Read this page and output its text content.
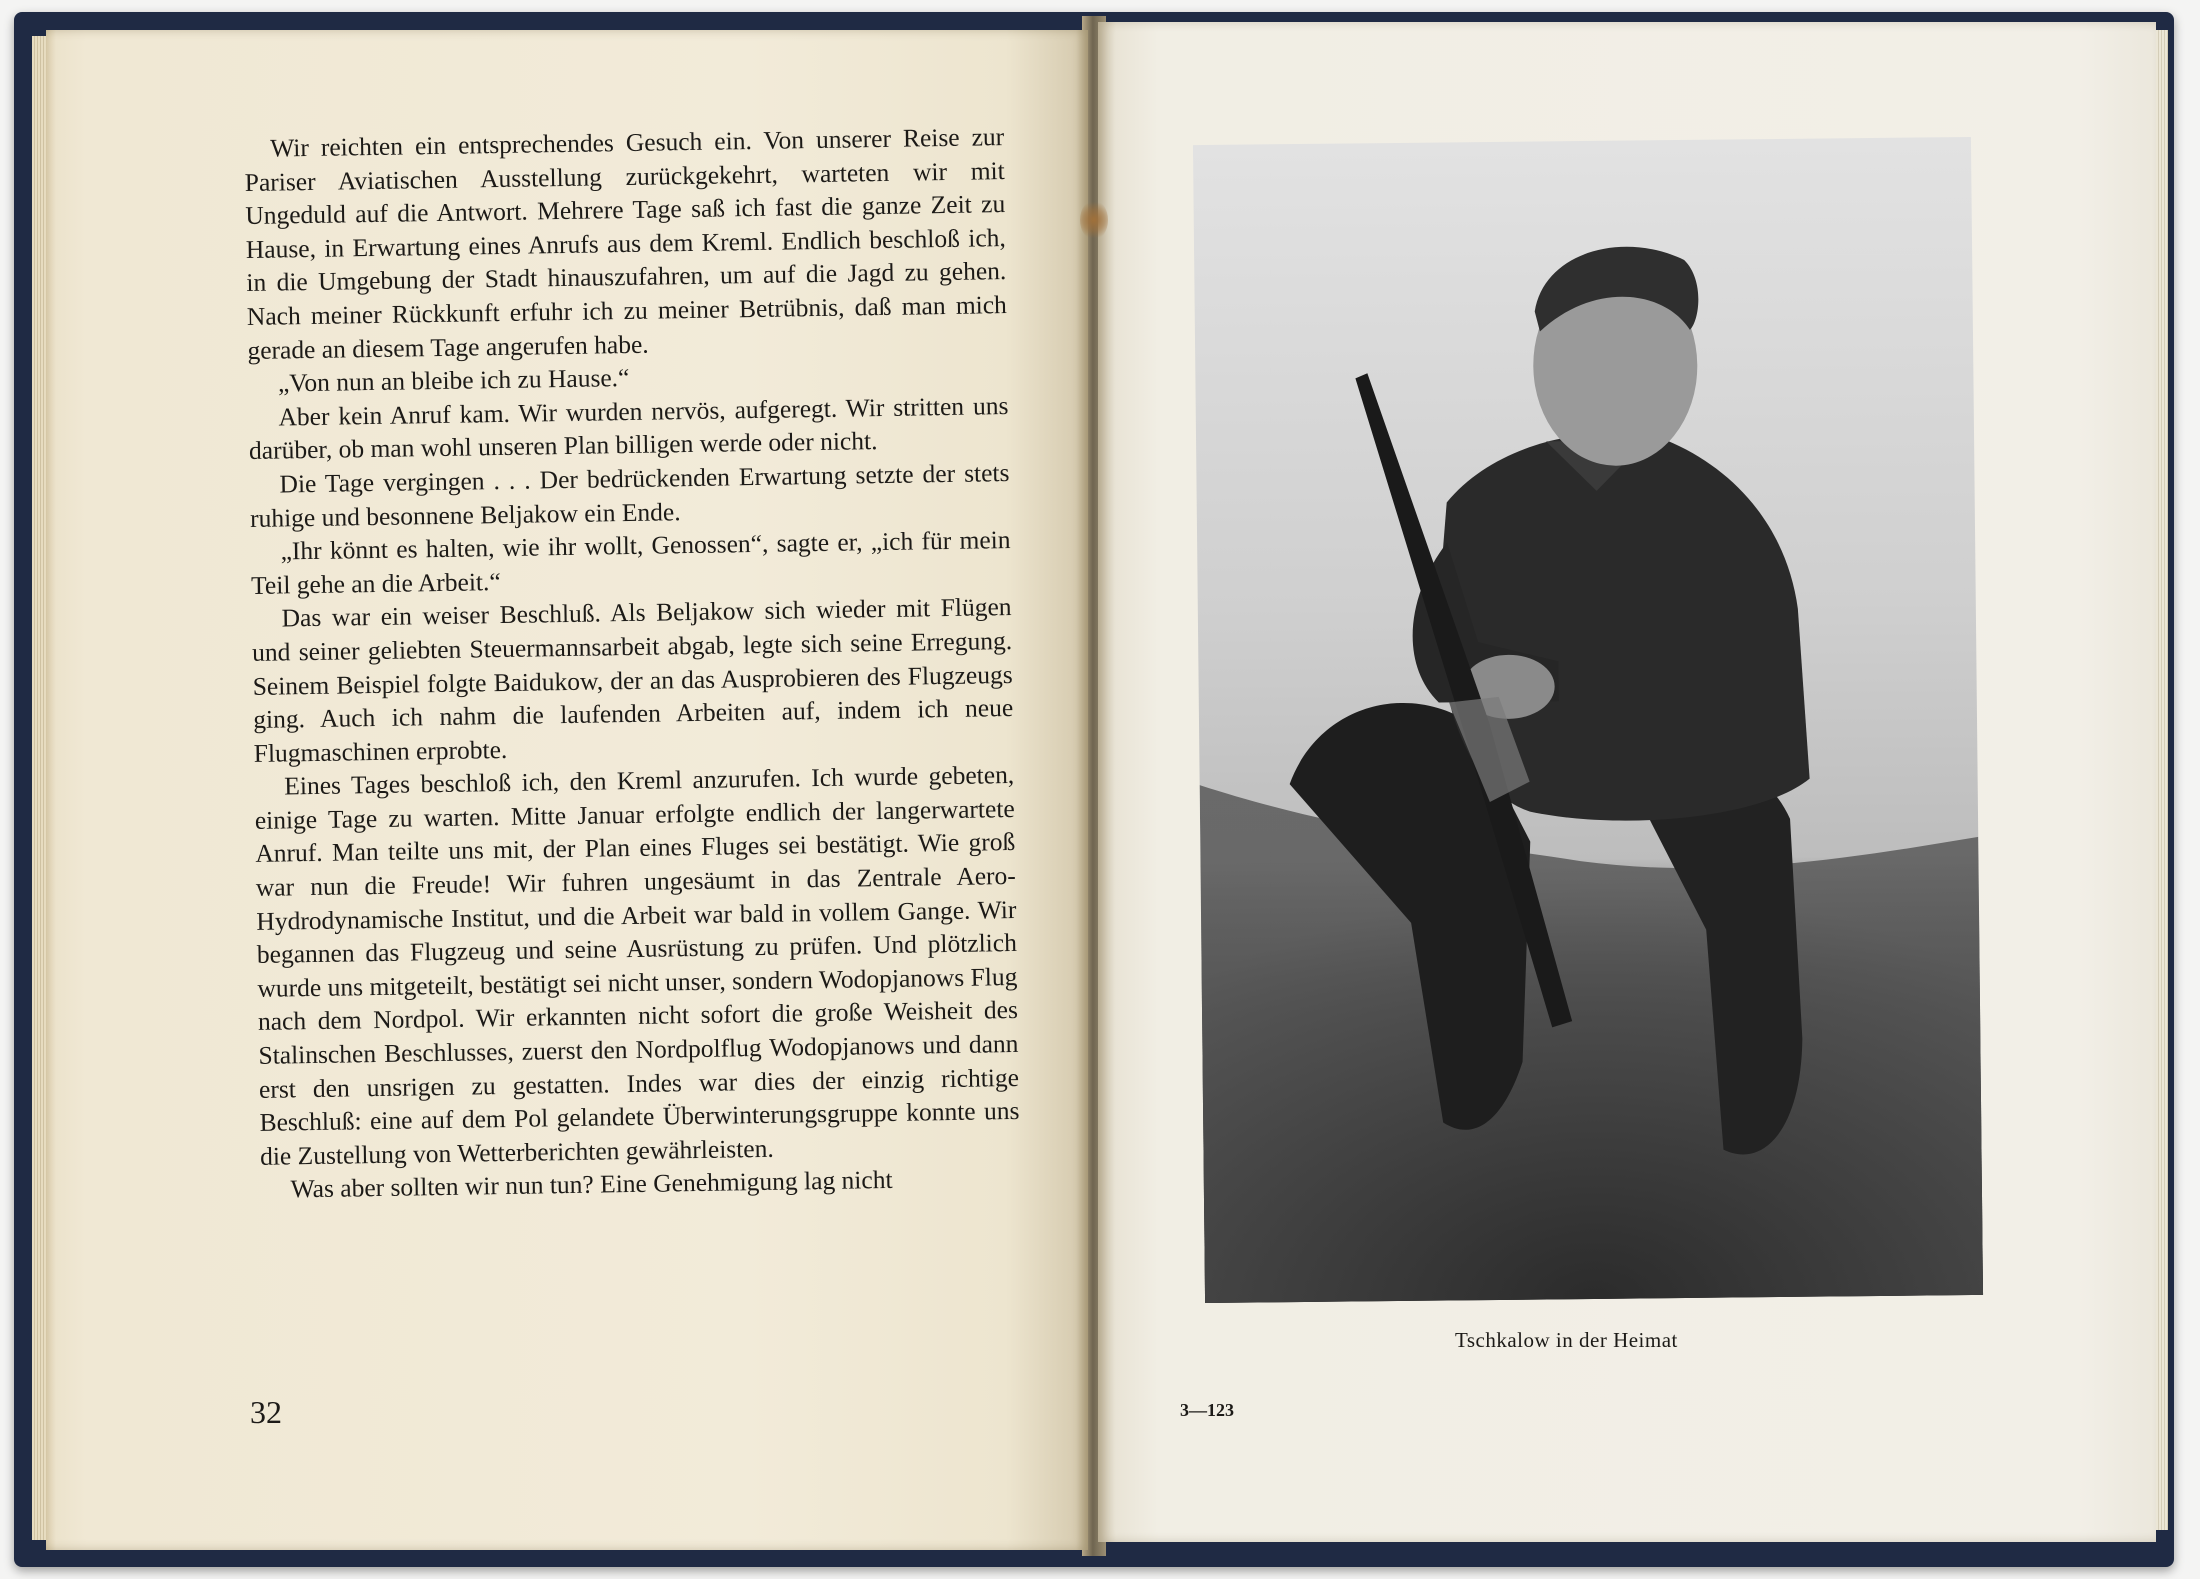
Wir reichten ein entsprechendes Gesuch ein. Von unserer Reise zur Pariser Aviatischen Ausstellung zurückgekehrt, warteten wir mit Ungeduld auf die Antwort. Mehrere Tage saß ich fast die ganze Zeit zu Hause, in Erwartung eines Anrufs aus dem Kreml. Endlich beschloß ich, in die Umgebung der Stadt hinauszufahren, um auf die Jagd zu gehen. Nach meiner Rückkunft erfuhr ich zu meiner Betrübnis, daß man mich gerade an diesem Tage angerufen habe.

„Von nun an bleibe ich zu Hause.“

Aber kein Anruf kam. Wir wurden nervös, aufgeregt. Wir stritten uns darüber, ob man wohl unseren Plan billigen werde oder nicht.

Die Tage vergingen . . . Der bedrückenden Erwartung setzte der stets ruhige und besonnene Beljakow ein Ende.

„Ihr könnt es halten, wie ihr wollt, Genossen“, sagte er, „ich für mein Teil gehe an die Arbeit.“

Das war ein weiser Beschluß. Als Beljakow sich wieder mit Flügen und seiner geliebten Steuermannsarbeit abgab, legte sich seine Erregung. Seinem Beispiel folgte Baidukow, der an das Ausprobieren des Flugzeugs ging. Auch ich nahm die laufenden Arbeiten auf, indem ich neue Flugmaschinen erprobte.

Eines Tages beschloß ich, den Kreml anzurufen. Ich wurde gebeten, einige Tage zu warten. Mitte Januar erfolgte endlich der langerwartete Anruf. Man teilte uns mit, der Plan eines Fluges sei bestätigt. Wie groß war nun die Freude! Wir fuhren ungesäumt in das Zentrale Aero-Hydrodynamische Institut, und die Arbeit war bald in vollem Gange. Wir begannen das Flugzeug und seine Ausrüstung zu prüfen. Und plötzlich wurde uns mitgeteilt, bestätigt sei nicht unser, sondern Wodopjanows Flug nach dem Nordpol. Wir erkannten nicht sofort die große Weisheit des Stalinschen Beschlusses, zuerst den Nordpolflug Wodopjanows und dann erst den unsrigen zu gestatten. Indes war dies der einzig richtige Beschluß: eine auf dem Pol gelandete Überwinterungsgruppe konnte uns die Zustellung von Wetterberichten gewährleisten.

Was aber sollten wir nun tun? Eine Genehmigung lag nicht

32
Tschkalow in der Heimat
3—123
